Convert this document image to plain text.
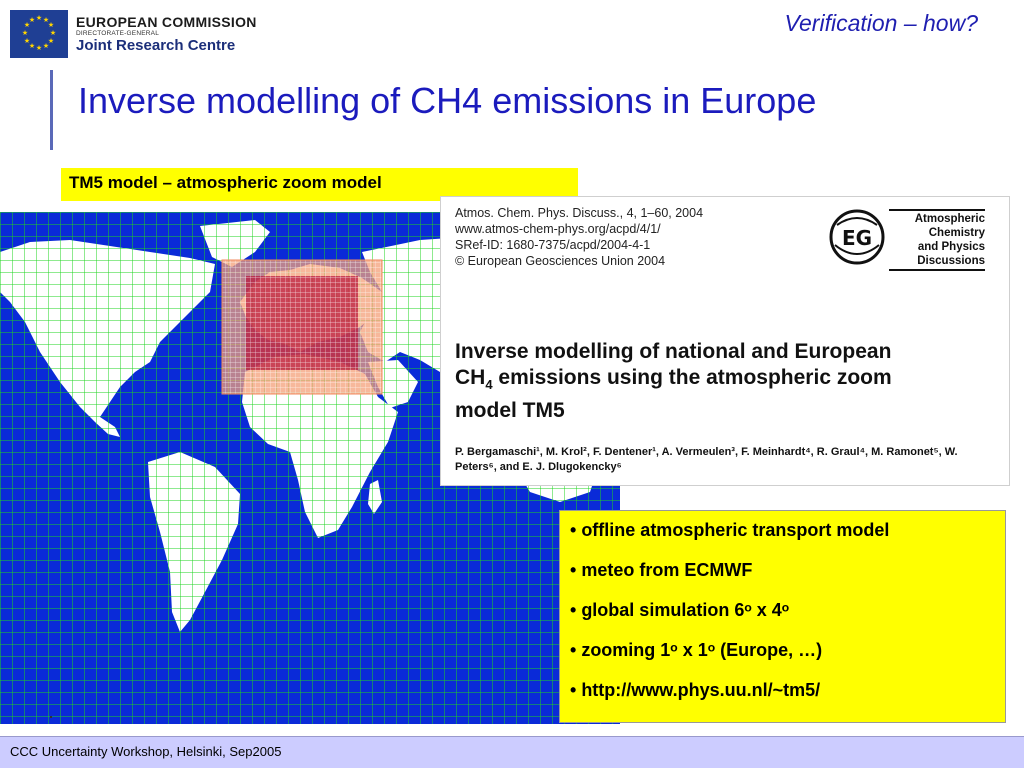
★ ★
★
★
★
★
★
★
★
★
★
★	EUROPEAN COMMISSION
DIRECTORATE-GENERAL
Joint Research Centre
Verification – how?
Inverse modelling of CH4 emissions in Europe
TM5 model – atmospheric zoom model
Atmos. Chem. Phys. Discuss., 4, 1–60, 2004
www.atmos-chem-phys.org/acpd/4/1/
SRef-ID: 1680-7375/acpd/2004-4-1
© European Geosciences Union 2004
EG
Atmospheric
Chemistry
and Physics
Discussions
Inverse modelling of national and European $CH_4$ emissions using the atmospheric zoom model TM5
P. Bergamaschi¹, M. Krol², F. Dentener¹, A. Vermeulen³, F. Meinhardt⁴, R. Graul⁴, M. Ramonet⁵, W. Peters⁶, and E. J. Dlugokencky⁶
• offline atmospheric transport model
• meteo from ECMWF
• global simulation 6ᵒ x 4ᵒ
• zooming 1ᵒ x 1ᵒ (Europe, …)
• http://www.phys.uu.nl/~tm5/
CCC Uncertainty Workshop, Helsinki, Sep2005
